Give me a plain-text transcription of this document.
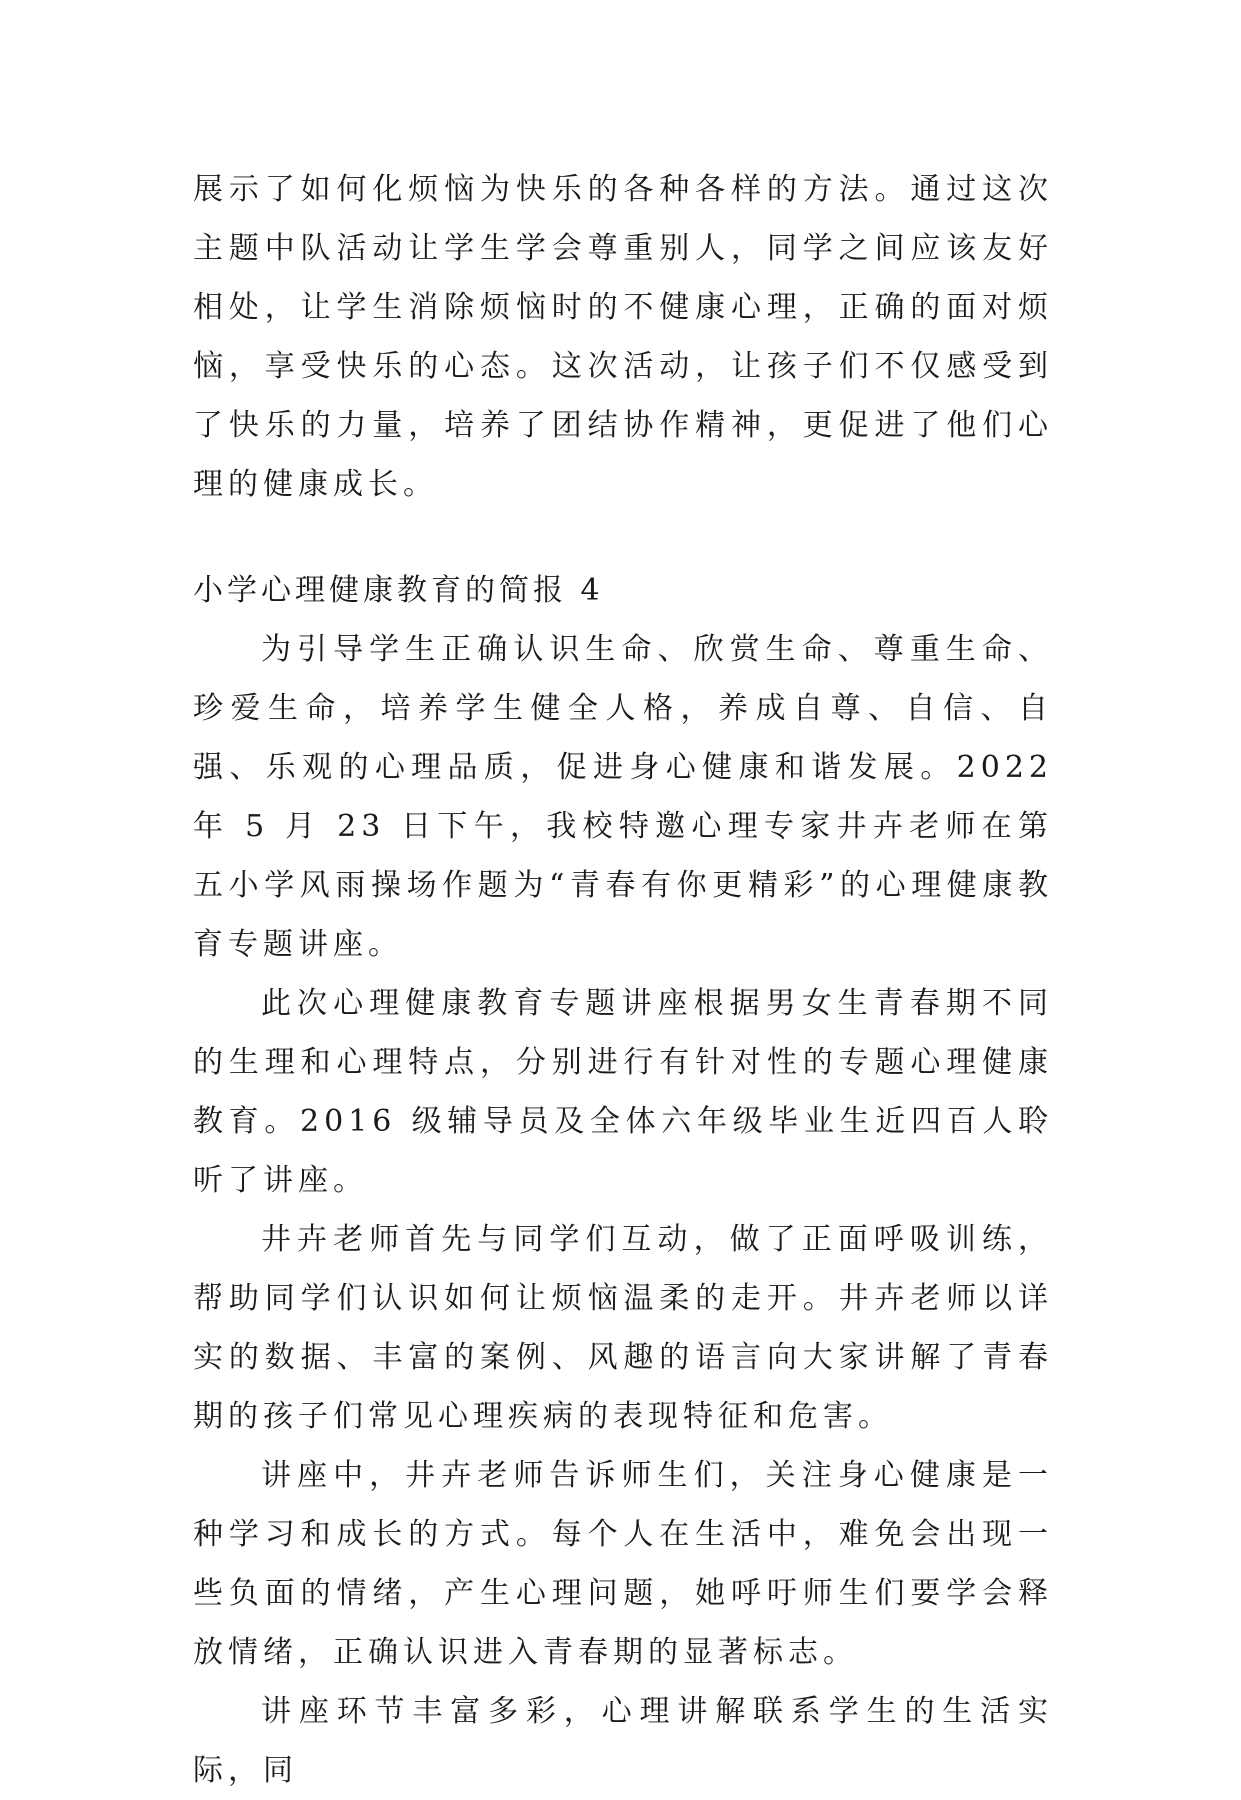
展示了如何化烦恼为快乐的各种各样的方法。通过这次主题中队活动让学生学会尊重别人，同学之间应该友好相处，让学生消除烦恼时的不健康心理，正确的面对烦恼，享受快乐的心态。这次活动，让孩子们不仅感受到了快乐的力量，培养了团结协作精神，更促进了他们心理的健康成长。

小学心理健康教育的简报 4

为引导学生正确认识生命、欣赏生命、尊重生命、珍爱生命，培养学生健全人格，养成自尊、自信、自强、乐观的心理品质，促进身心健康和谐发展。2022 年 5 月 23 日下午，我校特邀心理专家井卉老师在第五小学风雨操场作题为“青春有你更精彩”的心理健康教育专题讲座。

此次心理健康教育专题讲座根据男女生青春期不同的生理和心理特点，分别进行有针对性的专题心理健康教育。2016 级辅导员及全体六年级毕业生近四百人聆听了讲座。

井卉老师首先与同学们互动，做了正面呼吸训练，帮助同学们认识如何让烦恼温柔的走开。井卉老师以详实的数据、丰富的案例、风趣的语言向大家讲解了青春期的孩子们常见心理疾病的表现特征和危害。

讲座中，井卉老师告诉师生们，关注身心健康是一种学习和成长的方式。每个人在生活中，难免会出现一些负面的情绪，产生心理问题，她呼吁师生们要学会释放情绪，正确认识进入青春期的显著标志。

讲座环节丰富多彩，心理讲解联系学生的生活实际，同
